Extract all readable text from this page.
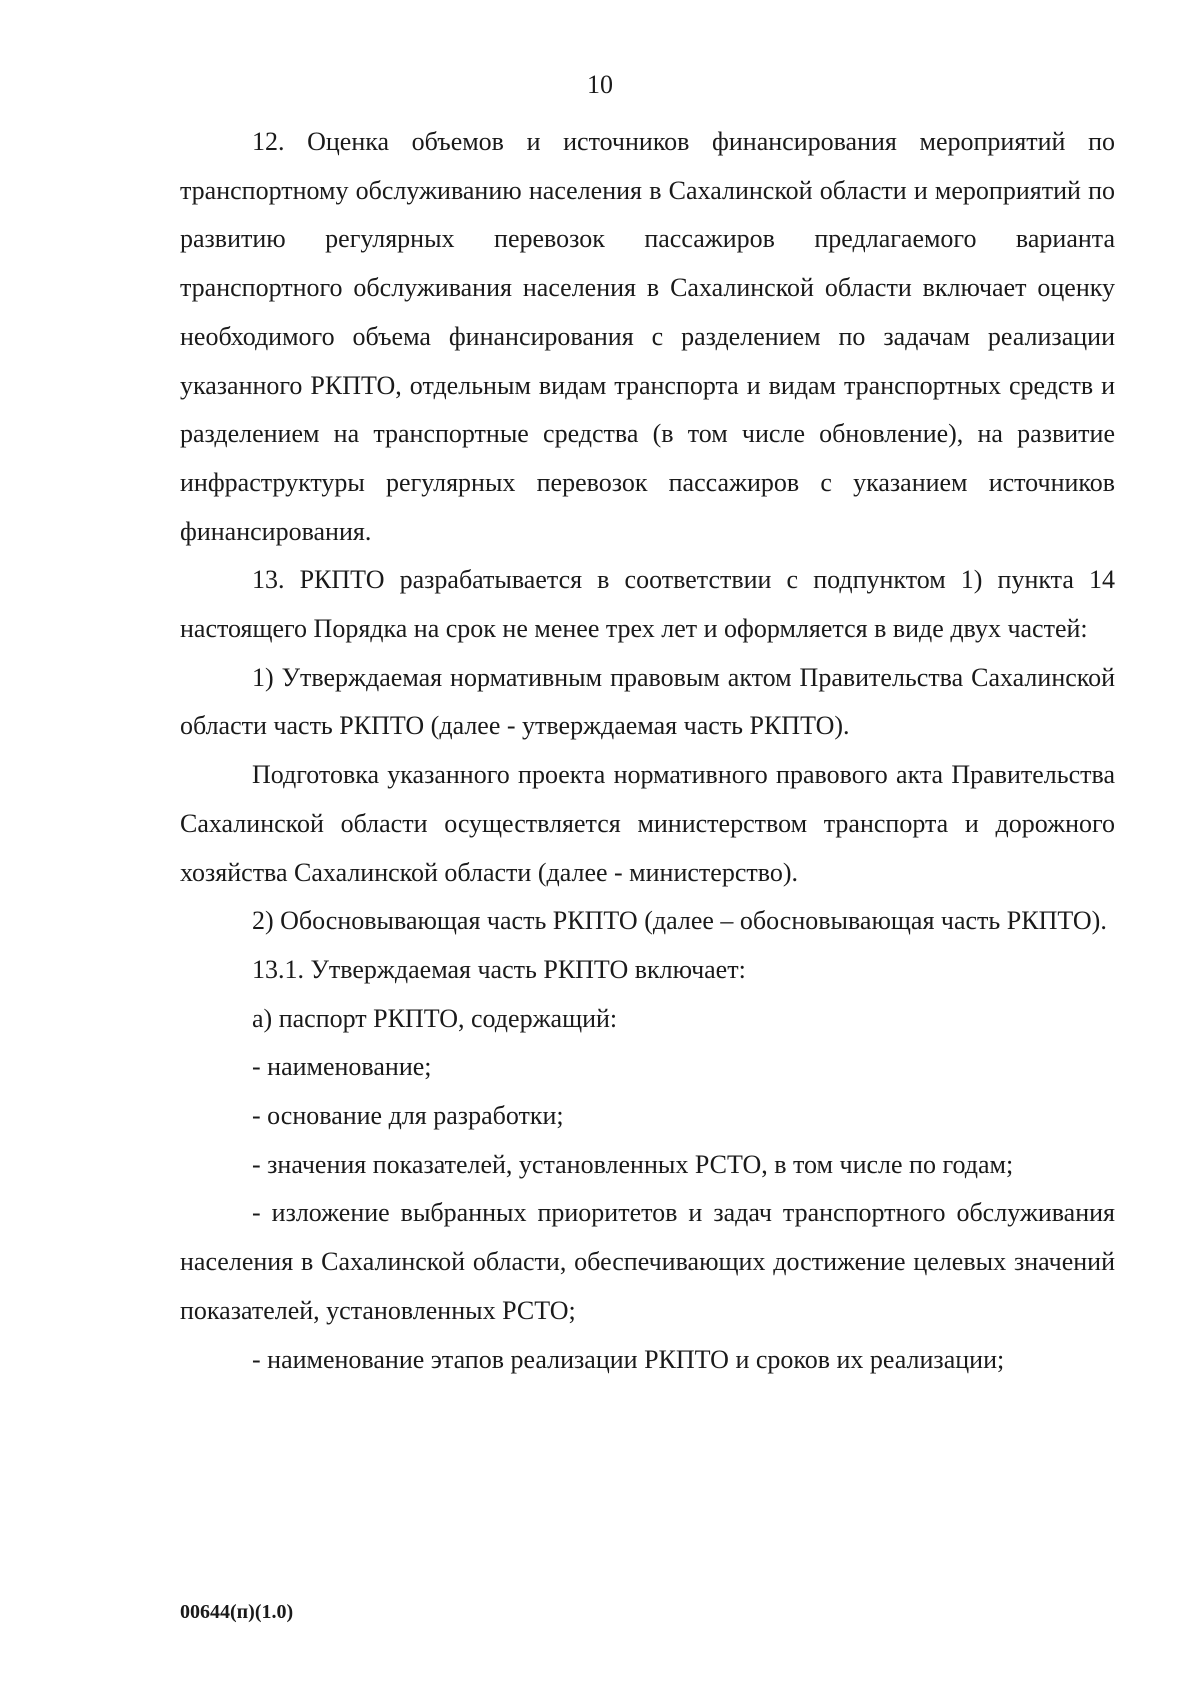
10

12. Оценка объемов и источников финансирования мероприятий по транспортному обслуживанию населения в Сахалинской области и мероприятий по развитию регулярных перевозок пассажиров предлагаемого варианта транспортного обслуживания населения в Сахалинской области включает оценку необходимого объема финансирования с разделением по задачам реализации указанного РКПТО, отдельным видам транспорта и видам транспортных средств и разделением на транспортные средства (в том числе обновление), на развитие инфраструктуры регулярных перевозок пассажиров с указанием источников финансирования.

13. РКПТО разрабатывается в соответствии с подпунктом 1) пункта 14 настоящего Порядка на срок не менее трех лет и оформляется в виде двух частей:

1) Утверждаемая нормативным правовым актом Правительства Сахалинской области часть РКПТО (далее - утверждаемая часть РКПТО).

Подготовка указанного проекта нормативного правового акта Правительства Сахалинской области осуществляется министерством транспорта и дорожного хозяйства Сахалинской области (далее - министерство).

2) Обосновывающая часть РКПТО (далее – обосновывающая часть РКПТО).

13.1. Утверждаемая часть РКПТО включает:

а) паспорт РКПТО, содержащий:

- наименование;

- основание для разработки;

- значения показателей, установленных РСТО, в том числе по годам;

- изложение выбранных приоритетов и задач транспортного обслуживания населения в Сахалинской области, обеспечивающих достижение целевых значений показателей, установленных РСТО;

- наименование этапов реализации РКПТО и сроков их реализации;

00644(п)(1.0)
